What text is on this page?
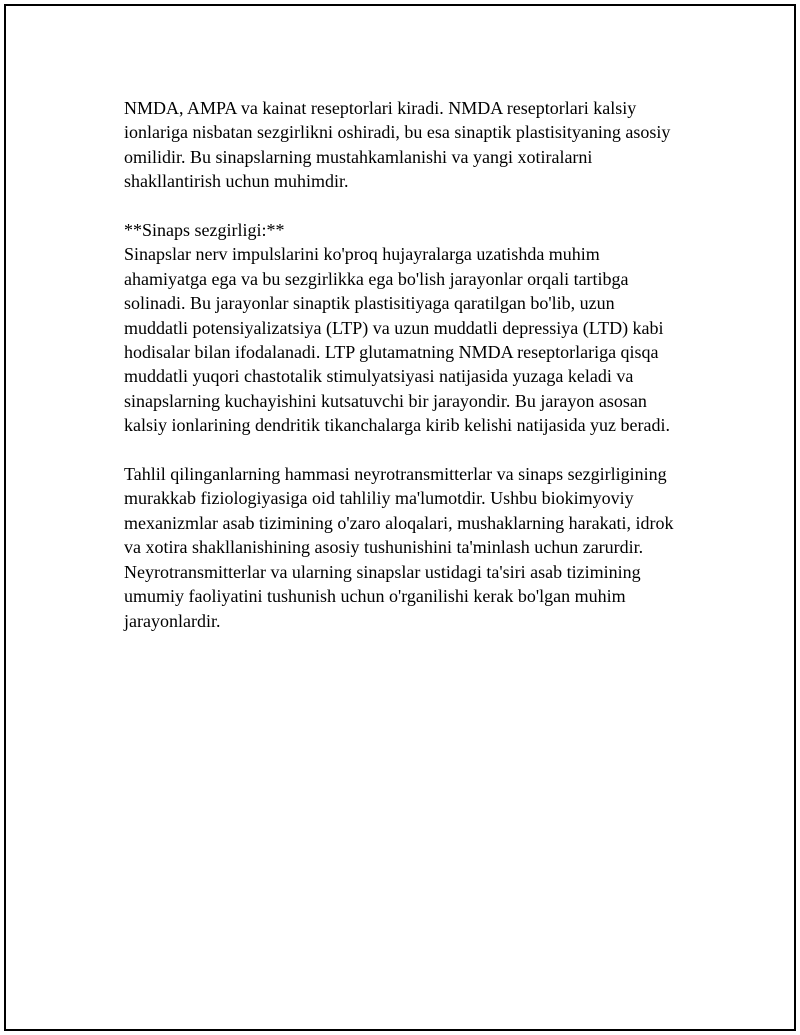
NMDA, AMPA va kainat reseptorlari kiradi. NMDA reseptorlari kalsiy
ionlariga nisbatan sezgirlikni oshiradi, bu esa sinaptik plastisityaning asosiy
omilidir. Bu sinapslarning mustahkamlanishi va yangi xotiralarni
shakllantirish uchun muhimdir.

**Sinaps sezgirligi:**
Sinapslar nerv impulslarini ko'proq hujayralarga uzatishda muhim
ahamiyatga ega va bu sezgirlikka ega bo'lish jarayonlar orqali tartibga
solinadi. Bu jarayonlar sinaptik plastisitiyaga qaratilgan bo'lib, uzun
muddatli potensiyalizatsiya (LTP) va uzun muddatli depressiya (LTD) kabi
hodisalar bilan ifodalanadi. LTP glutamatning NMDA reseptorlariga qisqa
muddatli yuqori chastotalik stimulyatsiyasi natijasida yuzaga keladi va
sinapslarning kuchayishini kutsatuvchi bir jarayondir. Bu jarayon asosan
kalsiy ionlarining dendritik tikanchalarga kirib kelishi natijasida yuz beradi.

Tahlil qilinganlarning hammasi neyrotransmitterlar va sinaps sezgirligining
murakkab fiziologiyasiga oid tahliliy ma'lumotdir. Ushbu biokimyoviy
mexanizmlar asab tizimining o'zaro aloqalari, mushaklarning harakati, idrok
va xotira shakllanishining asosiy tushunishini ta'minlash uchun zarurdir.
Neyrotransmitterlar va ularning sinapslar ustidagi ta'siri asab tizimining
umumiy faoliyatini tushunish uchun o'rganilishi kerak bo'lgan muhim
jarayonlardir.
